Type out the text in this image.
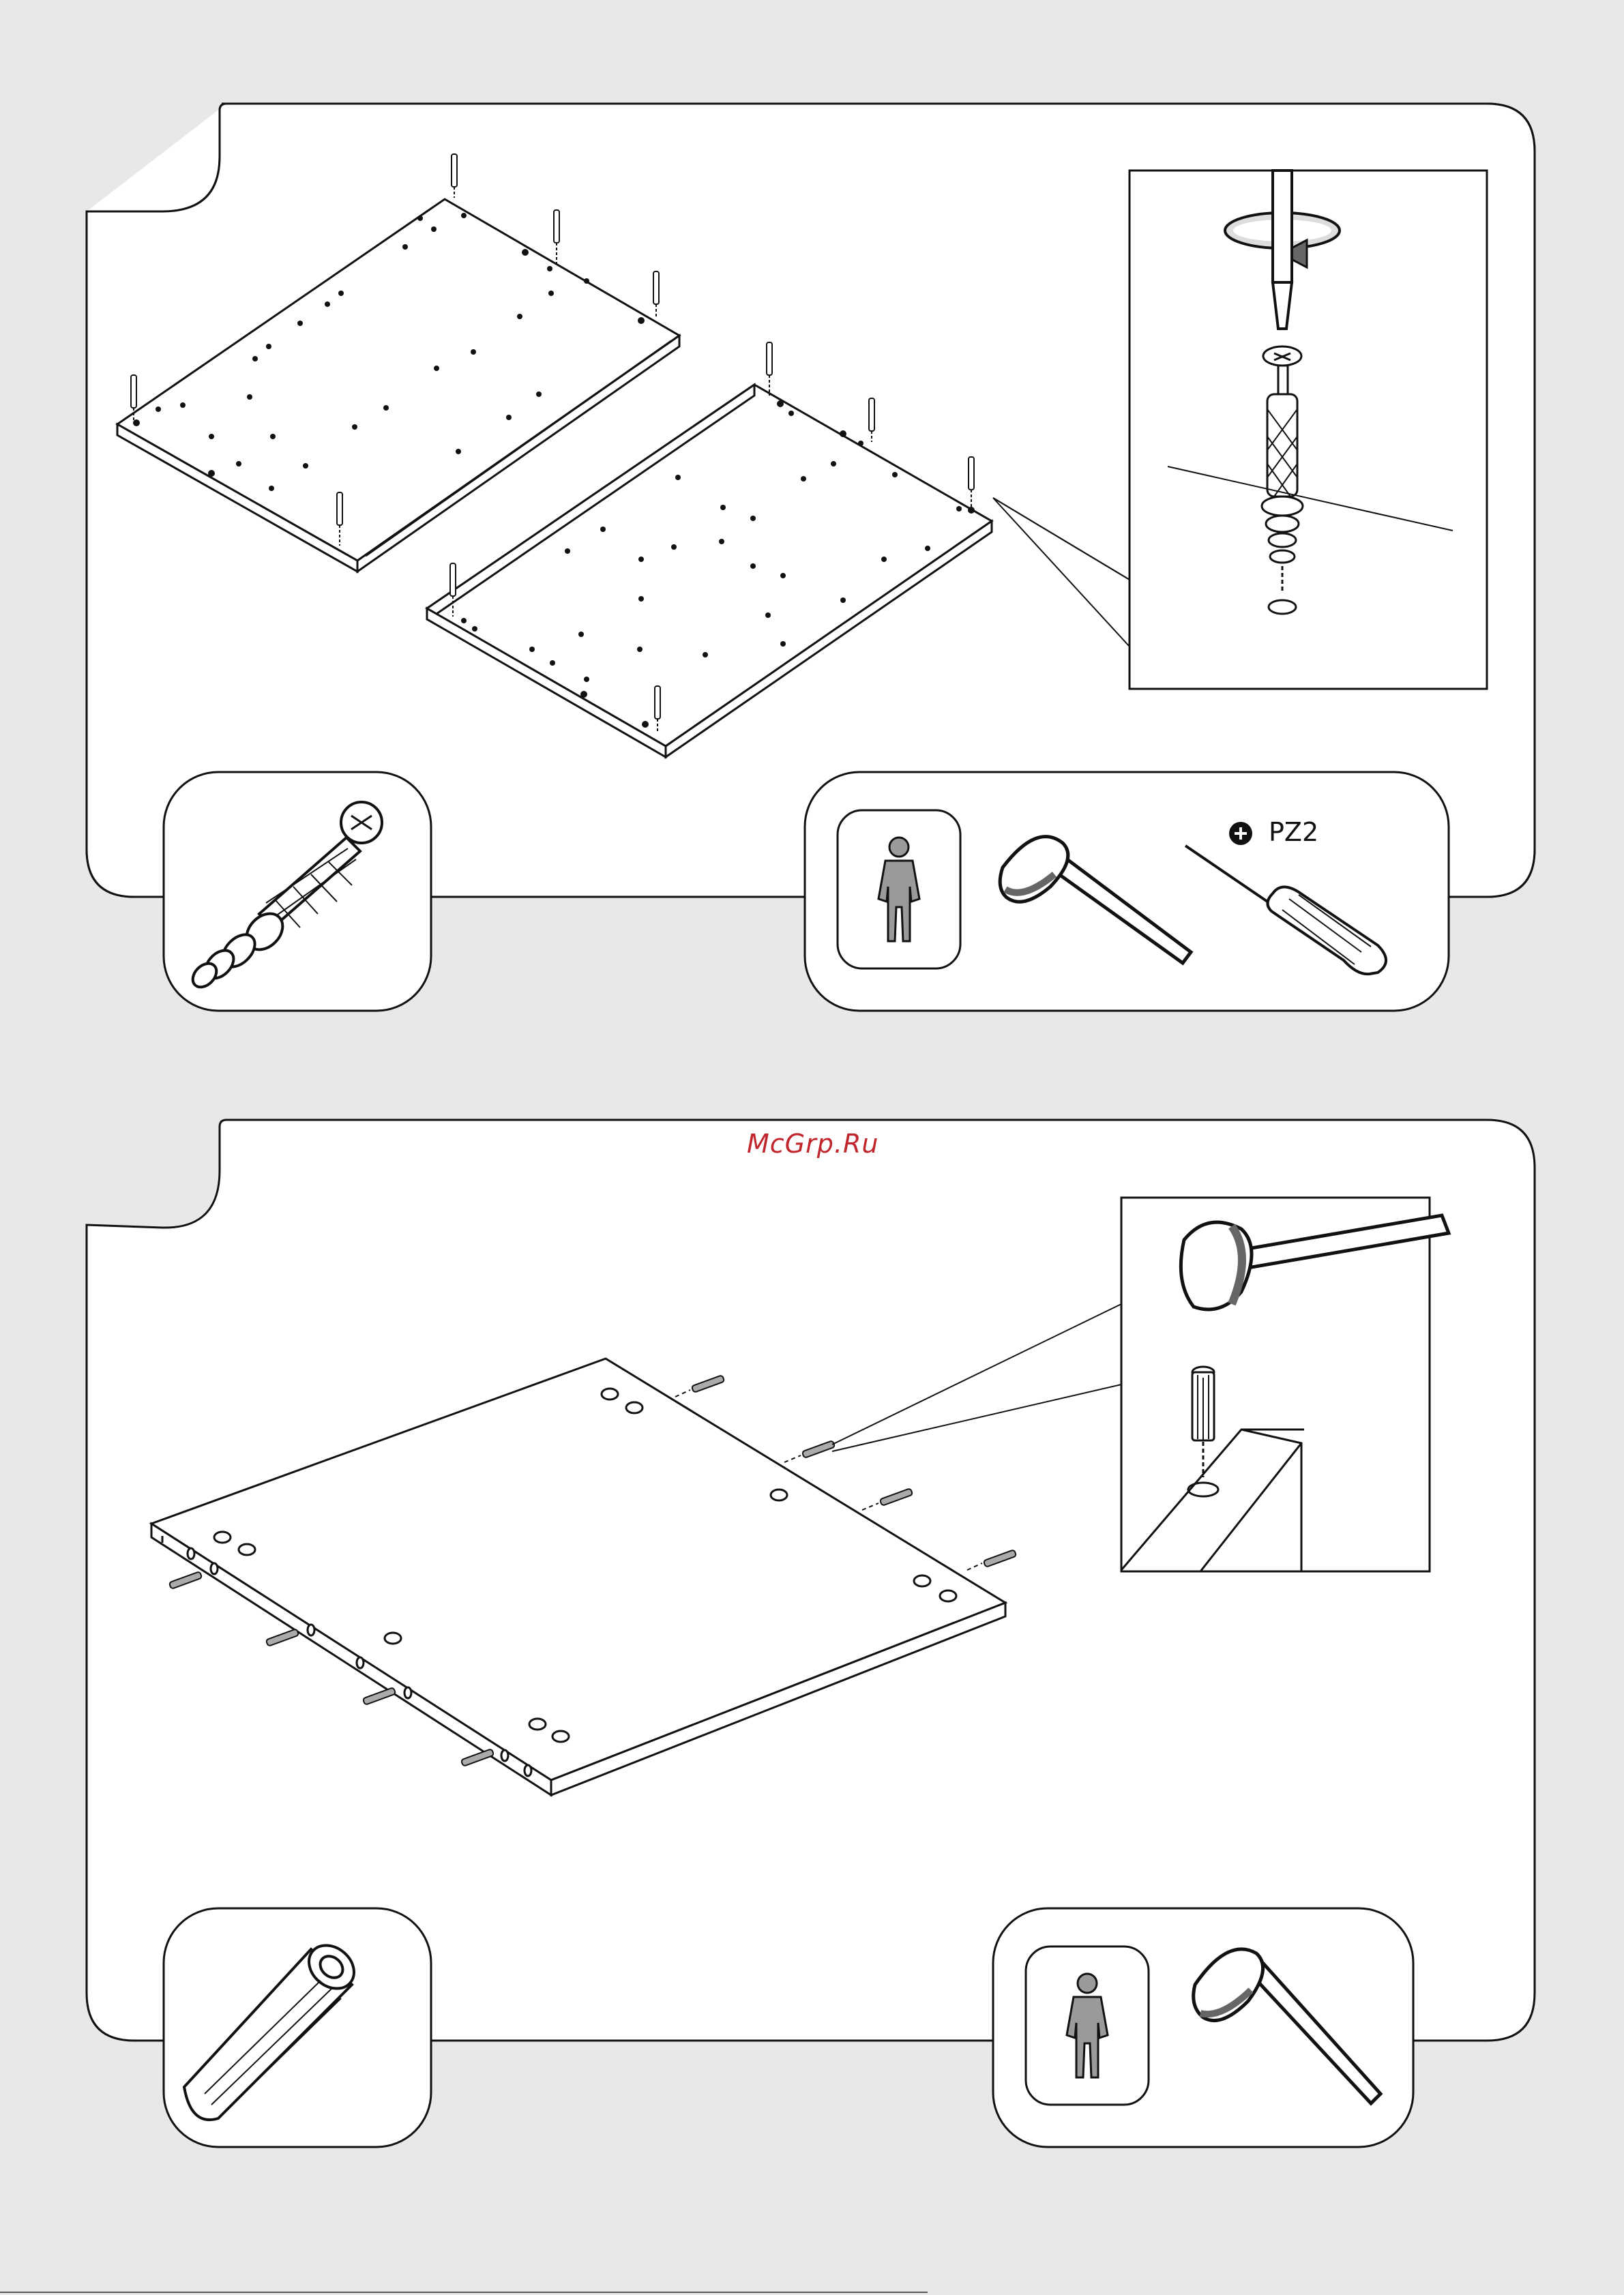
PZ2
McGrp.Ru
